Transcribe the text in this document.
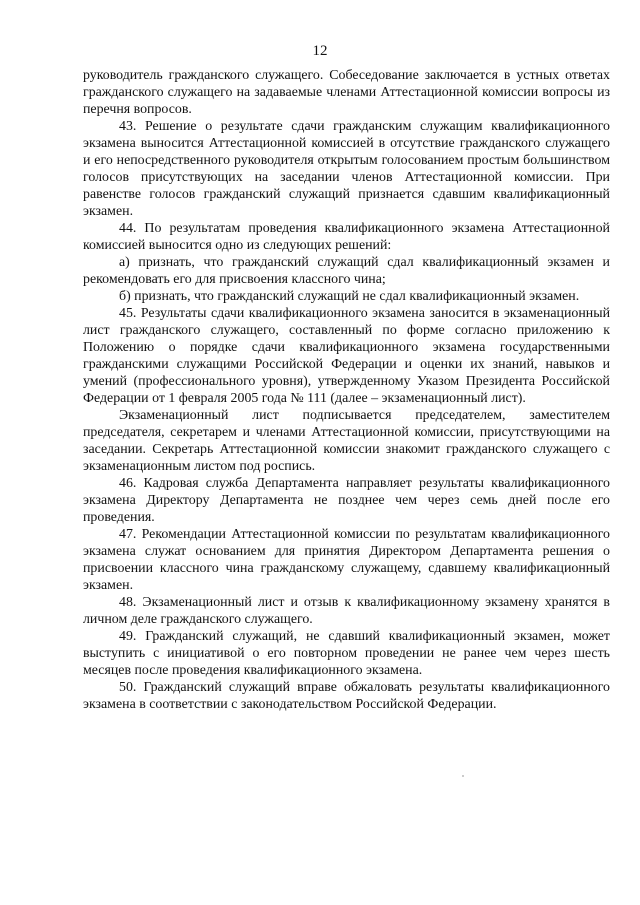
12

руководитель гражданского служащего. Собеседование заключается в устных ответах гражданского служащего на задаваемые членами Аттестационной комиссии вопросы из перечня вопросов.

43. Решение о результате сдачи гражданским служащим квалификационного экзамена выносится Аттестационной комиссией в отсутствие гражданского служащего и его непосредственного руководителя открытым голосованием простым большинством голосов присутствующих на заседании членов Аттестационной комиссии. При равенстве голосов гражданский служащий признается сдавшим квалификационный экзамен.

44. По результатам проведения квалификационного экзамена Аттестационной комиссией выносится одно из следующих решений:

а) признать, что гражданский служащий сдал квалификационный экзамен и рекомендовать его для присвоения классного чина;

б) признать, что гражданский служащий не сдал квалификационный экзамен.

45. Результаты сдачи квалификационного экзамена заносится в экзаменационный лист гражданского служащего, составленный по форме согласно приложению к Положению о порядке сдачи квалификационного экзамена государственными гражданскими служащими Российской Федерации и оценки их знаний, навыков и умений (профессионального уровня), утвержденному Указом Президента Российской Федерации от 1 февраля 2005 года № 111 (далее – экзаменационный лист).

Экзаменационный лист подписывается председателем, заместителем председателя, секретарем и членами Аттестационной комиссии, присутствующими на заседании. Секретарь Аттестационной комиссии знакомит гражданского служащего с экзаменационным листом под роспись.

46. Кадровая служба Департамента направляет результаты квалификационного экзамена Директору Департамента не позднее чем через семь дней после его проведения.

47. Рекомендации Аттестационной комиссии по результатам квалификационного экзамена служат основанием для принятия Директором Департамента решения о присвоении классного чина гражданскому служащему, сдавшему квалификационный экзамен.

48. Экзаменационный лист и отзыв к квалификационному экзамену хранятся в личном деле гражданского служащего.

49. Гражданский служащий, не сдавший квалификационный экзамен, может выступить с инициативой о его повторном проведении не ранее чем через шесть месяцев после проведения квалификационного экзамена.

50. Гражданский служащий вправе обжаловать результаты квалификационного экзамена в соответствии с законодательством Российской Федерации.
